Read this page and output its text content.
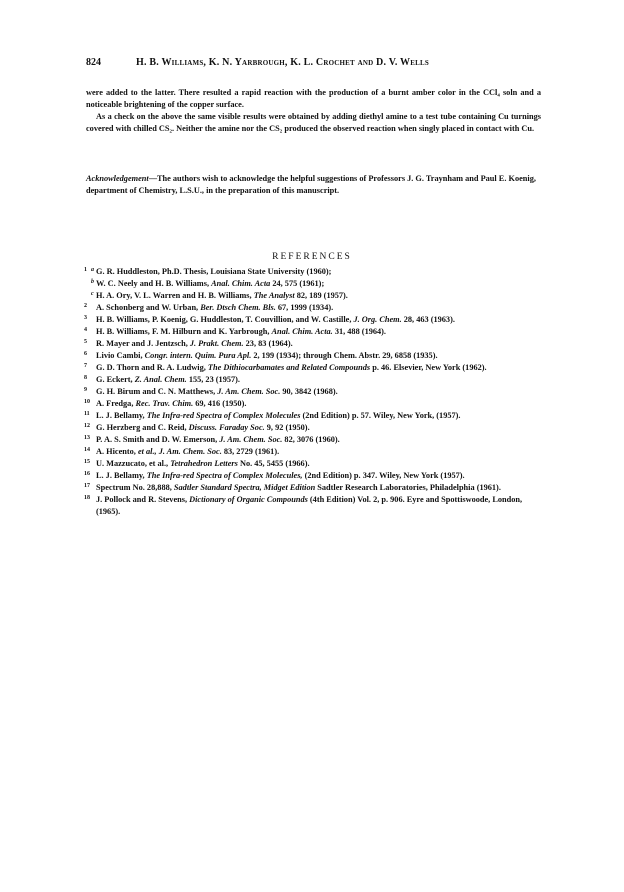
824	H. B. Williams, K. N. Yarbrough, K. L. Crochet and D. V. Wells

were added to the latter. There resulted a rapid reaction with the production of a burnt amber color in the CCl₄ soln and a noticeable brightening of the copper surface.

As a check on the above the same visible results were obtained by adding diethyl amine to a test tube containing Cu turnings covered with chilled CS₂. Neither the amine nor the CS₂ produced the observed reaction when singly placed in contact with Cu.

Acknowledgement—The authors wish to acknowledge the helpful suggestions of Professors J. G. Traynham and Paul E. Koenig, department of Chemistry, L.S.U., in the preparation of this manuscript.
REFERENCES
1 a G. R. Huddleston, Ph.D. Thesis, Louisiana State University (1960);
b W. C. Neely and H. B. Williams, Anal. Chim. Acta 24, 575 (1961);
c H. A. Ory, V. L. Warren and H. B. Williams, The Analyst 82, 189 (1957).
2 A. Schonberg and W. Urban, Ber. Dtsch Chem. Bls. 67, 1999 (1934).
3 H. B. Williams, P. Koenig, G. Huddleston, T. Couvillion, and W. Castille, J. Org. Chem. 28, 463 (1963).
4 H. B. Williams, F. M. Hilburn and K. Yarbrough, Anal. Chim. Acta. 31, 488 (1964).
5 R. Mayer and J. Jentzsch, J. Prakt. Chem. 23, 83 (1964).
6 Livio Cambi, Congr. intern. Quim. Pura Apl. 2, 199 (1934); through Chem. Abstr. 29, 6858 (1935).
7 G. D. Thorn and R. A. Ludwig, The Dithiocarbamates and Related Compounds p. 46. Elsevier, New York (1962).
8 G. Eckert, Z. Anal. Chem. 155, 23 (1957).
9 G. H. Birum and C. N. Matthews, J. Am. Chem. Soc. 90, 3842 (1968).
10 A. Fredga, Rec. Trav. Chim. 69, 416 (1950).
11 L. J. Bellamy, The Infra-red Spectra of Complex Molecules (2nd Edition) p. 57. Wiley, New York, (1957).
12 G. Herzberg and C. Reid, Discuss. Faraday Soc. 9, 92 (1950).
13 P. A. S. Smith and D. W. Emerson, J. Am. Chem. Soc. 82, 3076 (1960).
14 A. Hicento, et al., J. Am. Chem. Soc. 83, 2729 (1961).
15 U. Mazzucato, et al., Tetrahedron Letters No. 45, 5455 (1966).
16 L. J. Bellamy, The Infra-red Spectra of Complex Molecules, (2nd Edition) p. 347. Wiley, New York (1957).
17 Spectrum No. 28,888, Sadtler Standard Spectra, Midget Edition Sadtler Research Laboratories, Philadelphia (1961).
18 J. Pollock and R. Stevens, Dictionary of Organic Compounds (4th Edition) Vol. 2, p. 906. Eyre and Spottiswoode, London, (1965).
